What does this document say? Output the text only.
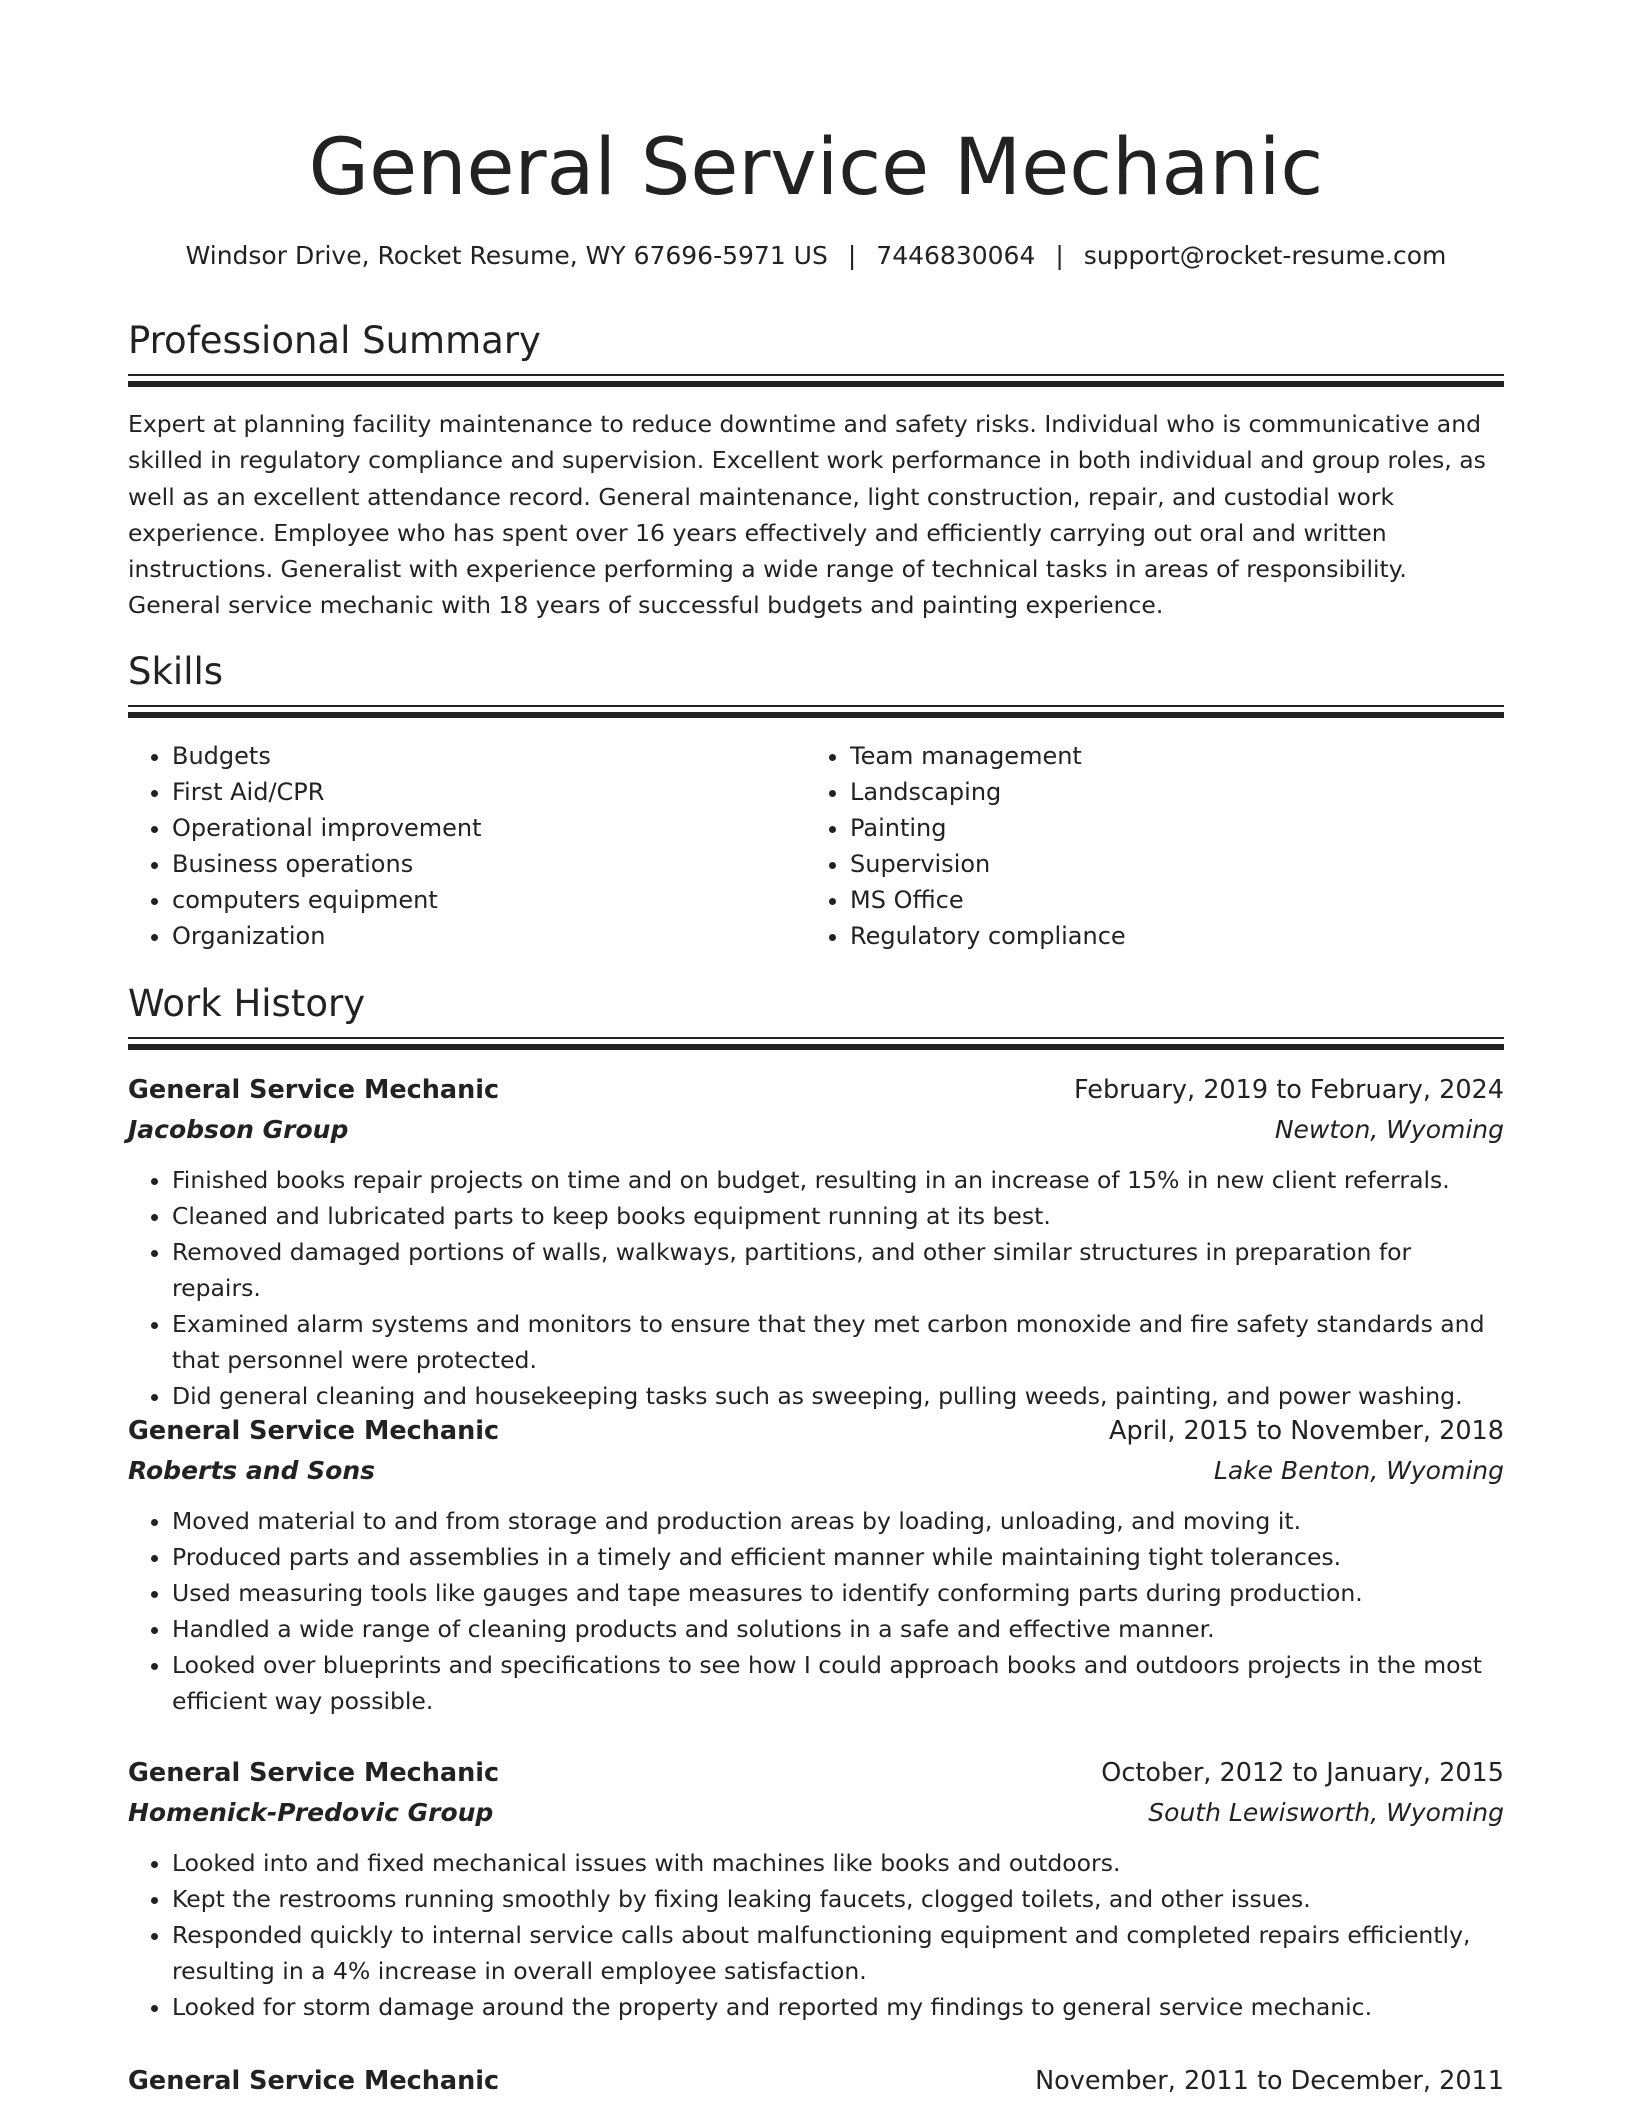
General Service Mechanic
Windsor Drive, Rocket Resume, WY 67696-5971 US | 7446830064 | support@rocket-resume.com
Professional Summary

Expert at planning facility maintenance to reduce downtime and safety risks. Individual who is communicative and skilled in regulatory compliance and supervision. Excellent work performance in both individual and group roles, as well as an excellent attendance record. General maintenance, light construction, repair, and custodial work experience. Employee who has spent over 16 years effectively and efficiently carrying out oral and written instructions. Generalist with experience performing a wide range of technical tasks in areas of responsibility. General service mechanic with 18 years of successful budgets and painting experience.

Skills
• Budgets
• First Aid/CPR
• Operational improvement
• Business operations
• computers equipment
• Organization
• Team management
• Landscaping
• Painting
• Supervision
• MS Office
• Regulatory compliance
Work History
General Service Mechanic	February, 2019 to February, 2024
Jacobson Group	Newton, Wyoming
• Finished books repair projects on time and on budget, resulting in an increase of 15% in new client referrals.
• Cleaned and lubricated parts to keep books equipment running at its best.
• Removed damaged portions of walls, walkways, partitions, and other similar structures in preparation for repairs.
• Examined alarm systems and monitors to ensure that they met carbon monoxide and fire safety standards and that personnel were protected.
• Did general cleaning and housekeeping tasks such as sweeping, pulling weeds, painting, and power washing.
General Service Mechanic	April, 2015 to November, 2018
Roberts and Sons	Lake Benton, Wyoming
• Moved material to and from storage and production areas by loading, unloading, and moving it.
• Produced parts and assemblies in a timely and efficient manner while maintaining tight tolerances.
• Used measuring tools like gauges and tape measures to identify conforming parts during production.
• Handled a wide range of cleaning products and solutions in a safe and effective manner.
• Looked over blueprints and specifications to see how I could approach books and outdoors projects in the most efficient way possible.
General Service Mechanic	October, 2012 to January, 2015
Homenick-Predovic Group	South Lewisworth, Wyoming
• Looked into and fixed mechanical issues with machines like books and outdoors.
• Kept the restrooms running smoothly by fixing leaking faucets, clogged toilets, and other issues.
• Responded quickly to internal service calls about malfunctioning equipment and completed repairs efficiently, resulting in a 4% increase in overall employee satisfaction.
• Looked for storm damage around the property and reported my findings to general service mechanic.
General Service Mechanic	November, 2011 to December, 2011
